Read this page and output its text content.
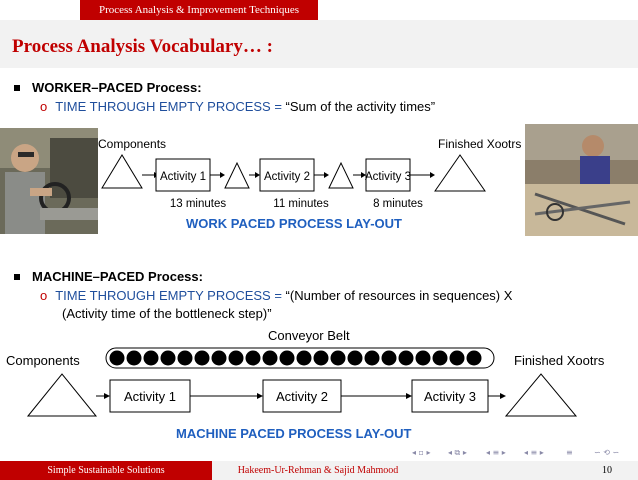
Process Analysis & Improvement Techniques
Process Analysis Vocabulary… :
WORKER–PACED Process:
o TIME THROUGH EMPTY PROCESS = “Sum of the activity times”
Components	Finished Xootrs
Activity 1	Activity 2	Activity 3
13 minutes	11 minutes	8 minutes
WORK PACED PROCESS LAY-OUT
MACHINE–PACED Process:
o TIME THROUGH EMPTY PROCESS = “(Number of resources in sequences) X
(Activity time of the bottleneck step)”
Conveyor Belt
Components	Finished Xootrs
Activity 1	Activity 2	Activity 3
MACHINE PACED PROCESS LAY-OUT
◂ ▫ ▸ ◂ ⧉ ▸ ◂ ≡ ▸ ◂ ≡ ▸	≡	∽ ⟲ ∽
Simple Sustainable Solutions	Hakeem-Ur-Rehman & Sajid Mahmood	10
